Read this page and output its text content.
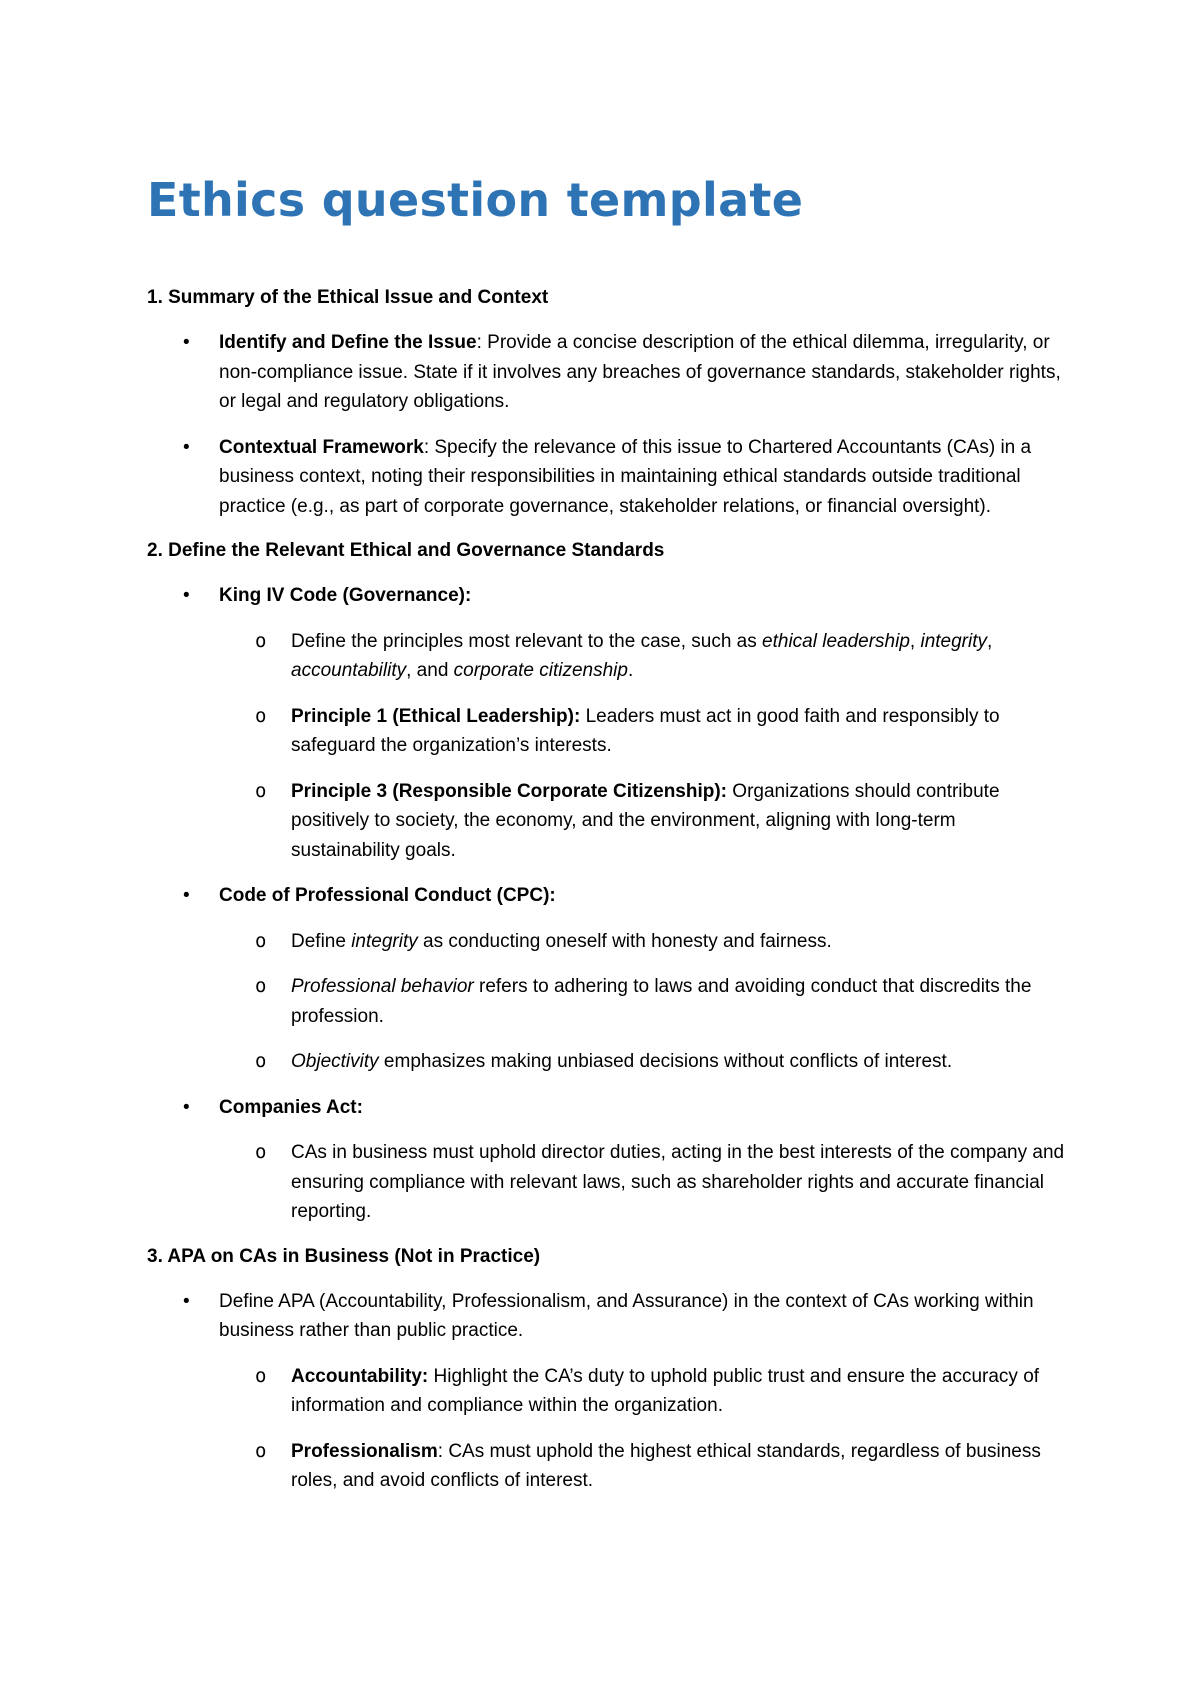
Ethics question template

1. Summary of the Ethical Issue and Context

• Identify and Define the Issue: Provide a concise description of the ethical dilemma, irregularity, or non-compliance issue. State if it involves any breaches of governance standards, stakeholder rights, or legal and regulatory obligations.
• Contextual Framework: Specify the relevance of this issue to Chartered Accountants (CAs) in a business context, noting their responsibilities in maintaining ethical standards outside traditional practice (e.g., as part of corporate governance, stakeholder relations, or financial oversight).

2. Define the Relevant Ethical and Governance Standards

• King IV Code (Governance):
o Define the principles most relevant to the case, such as ethical leadership, integrity, accountability, and corporate citizenship.
o Principle 1 (Ethical Leadership): Leaders must act in good faith and responsibly to safeguard the organization’s interests.
o Principle 3 (Responsible Corporate Citizenship): Organizations should contribute positively to society, the economy, and the environment, aligning with long-term sustainability goals.
• Code of Professional Conduct (CPC):
o Define integrity as conducting oneself with honesty and fairness.
o Professional behavior refers to adhering to laws and avoiding conduct that discredits the profession.
o Objectivity emphasizes making unbiased decisions without conflicts of interest.
• Companies Act:
o CAs in business must uphold director duties, acting in the best interests of the company and ensuring compliance with relevant laws, such as shareholder rights and accurate financial reporting.

3. APA on CAs in Business (Not in Practice)

• Define APA (Accountability, Professionalism, and Assurance) in the context of CAs working within business rather than public practice.
o Accountability: Highlight the CA’s duty to uphold public trust and ensure the accuracy of information and compliance within the organization.
o Professionalism: CAs must uphold the highest ethical standards, regardless of business roles, and avoid conflicts of interest.
